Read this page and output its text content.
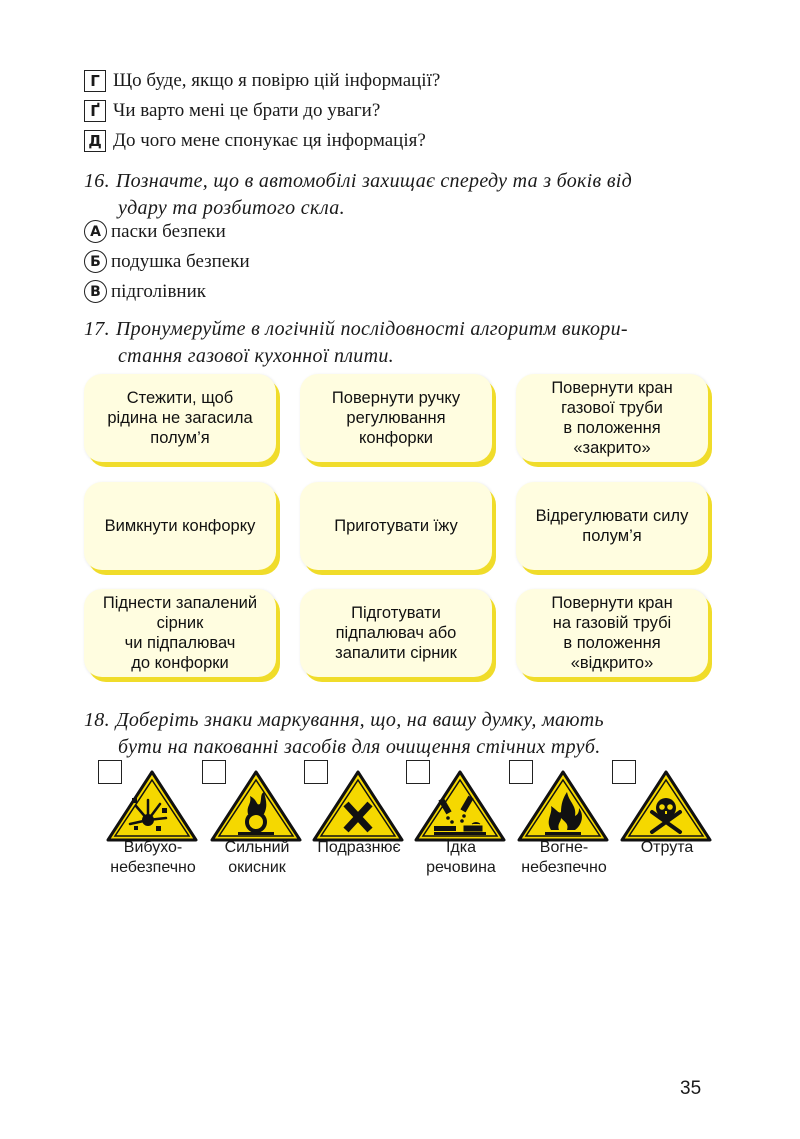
Г Що буде, якщо я повірю цій інформації?
Ґ Чи варто мені це брати до уваги?
Д До чого мене спонукає ця інформація?
16. Позначте, що в автомобілі захищає спереду та з боків від
удару та розбитого скла.
А паски безпеки
Б подушка безпеки
В підголівник
17. Пронумеруйте в логічній послідовності алгоритм викори-
стання газової кухонної плити.
Стежити, щоб
рідина не загасила
полум’я
Повернути ручку
регулювання
конфорки
Повернути кран
газової труби
в положення
«закрито»
Вимкнути конфорку	Приготувати їжу
Відрегулювати силу
полум’я
Піднести запалений
сірник
чи підпалювач
до конфорки
Підготувати
підпалювач або
запалити сірник
Повернути кран
на газовій трубі
в положення
«відкрито»
18. Доберіть знаки маркування, що, на вашу думку, мають
бути на пакованні засобів для очищення стічних труб.
Вибухо-
небезпечно
Сильний
окисник
Подразнює	Їдка
речовина
Вогне-
небезпечно
Отрута
35
